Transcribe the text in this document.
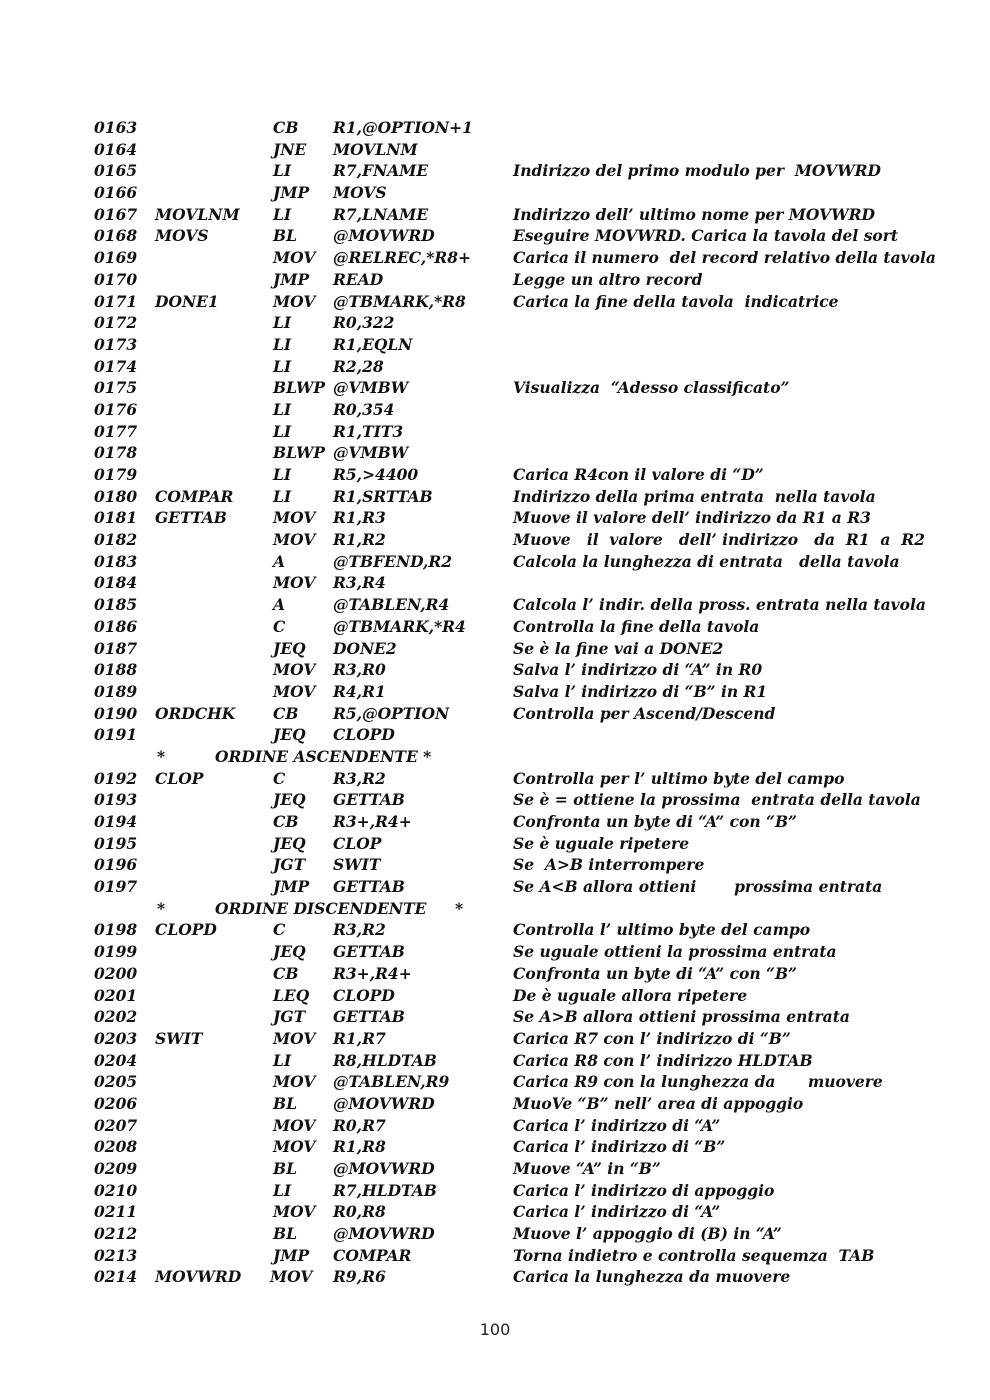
0163	CB R1,@OPTION+1
0164	JNE MOVLNM
0165	LI	R7,FNAME	Indirizzo del primo modulo per  MOVWRD
0166	JMP MOVS
0167 MOVLNM LI	R7,LNAME	Indirizzo dell’ ultimo nome per MOVWRD
0168 MOVS	BL @MOVWRD	Eseguire MOVWRD. Carica la tavola del sort
0169	MOV @RELREC,*R8+	Carica il numero  del record relativo della tavola
0170	JMP READ	Legge un altro record
0171 DONE1	MOV @TBMARK,*R8	Carica la fine della tavola  indicatrice
0172	LI	R0,322
0173	LI	R1,EQLN
0174	LI	R2,28
0175	BLWP @VMBW	Visualizza  “Adesso classificato”
0176	LI	R0,354
0177	LI	R1,TIT3
0178	BLWP @VMBW
0179	LI	R5,>4400	Carica R4con il valore di “D”
0180 COMPAR	LI	R1,SRTTAB	Indirizzo della prima entrata  nella tavola
0181 GETTAB	MOV R1,R3	Muove il valore dell’ indirizzo da R1 a R3
0182	MOV R1,R2	Muove   il  valore   dell’ indirizzo   da  R1  a  R2
0183	A	@TBFEND,R2	Calcola la lunghezza di entrata   della tavola
0184	MOV R3,R4
0185	A	@TABLEN,R4	Calcola l’ indir. della pross. entrata nella tavola
0186	C	@TBMARK,*R4	Controlla la fine della tavola
0187	JEQ DONE2	Se è la fine vai a DONE2
0188	MOV R3,R0	Salva l’ indirizzo di “A” in R0
0189	MOV R4,R1	Salva l’ indirizzo di “B” in R1
0190 ORDCHK CB R5,@OPTION	Controlla per Ascend/Descend
0191	JEQ CLOPD
*	ORDINE ASCENDENTE *
0192 CLOP	C	R3,R2	Controlla per l’ ultimo byte del campo
0193	JEQ GETTAB	Se è = ottiene la prossima  entrata della tavola
0194	CB R3+,R4+	Confronta un byte di “A” con “B”
0195	JEQ CLOP	Se è uguale ripetere
0196	JGT SWIT	Se  A>B interrompere
0197	JMP GETTAB	Se A<B allora ottieni       prossima entrata
*	ORDINE DISCENDENTE *
0198 CLOPD	C	R3,R2	Controlla l’ ultimo byte del campo
0199	JEQ GETTAB	Se uguale ottieni la prossima entrata
0200	CB R3+,R4+	Confronta un byte di “A” con “B”
0201	LEQ CLOPD	De è uguale allora ripetere
0202	JGT GETTAB	Se A>B allora ottieni prossima entrata
0203 SWIT	MOV R1,R7	Carica R7 con l’ indirizzo di “B”
0204	LI	R8,HLDTAB	Carica R8 con l’ indirizzo HLDTAB
0205	MOV @TABLEN,R9	Carica R9 con la lunghezza da      muovere
0206	BL @MOVWRD	MuoVe “B” nell’ area di appoggio
0207	MOV R0,R7	Carica l’ indirizzo di “A”
0208	MOV R1,R8	Carica l’ indirizzo di “B”
0209	BL @MOVWRD	Muove “A” in “B”
0210	LI	R7,HLDTAB	Carica l’ indirizzo di appoggio
0211	MOV R0,R8	Carica l’ indirizzo di “A”
0212	BL @MOVWRD	Muove l’ appoggio di (B) in “A”
0213	JMP COMPAR	Torna indietro e controlla sequemza  TAB
0214 MOVWRD MOV R9,R6	Carica la lunghezza da muovere
100
